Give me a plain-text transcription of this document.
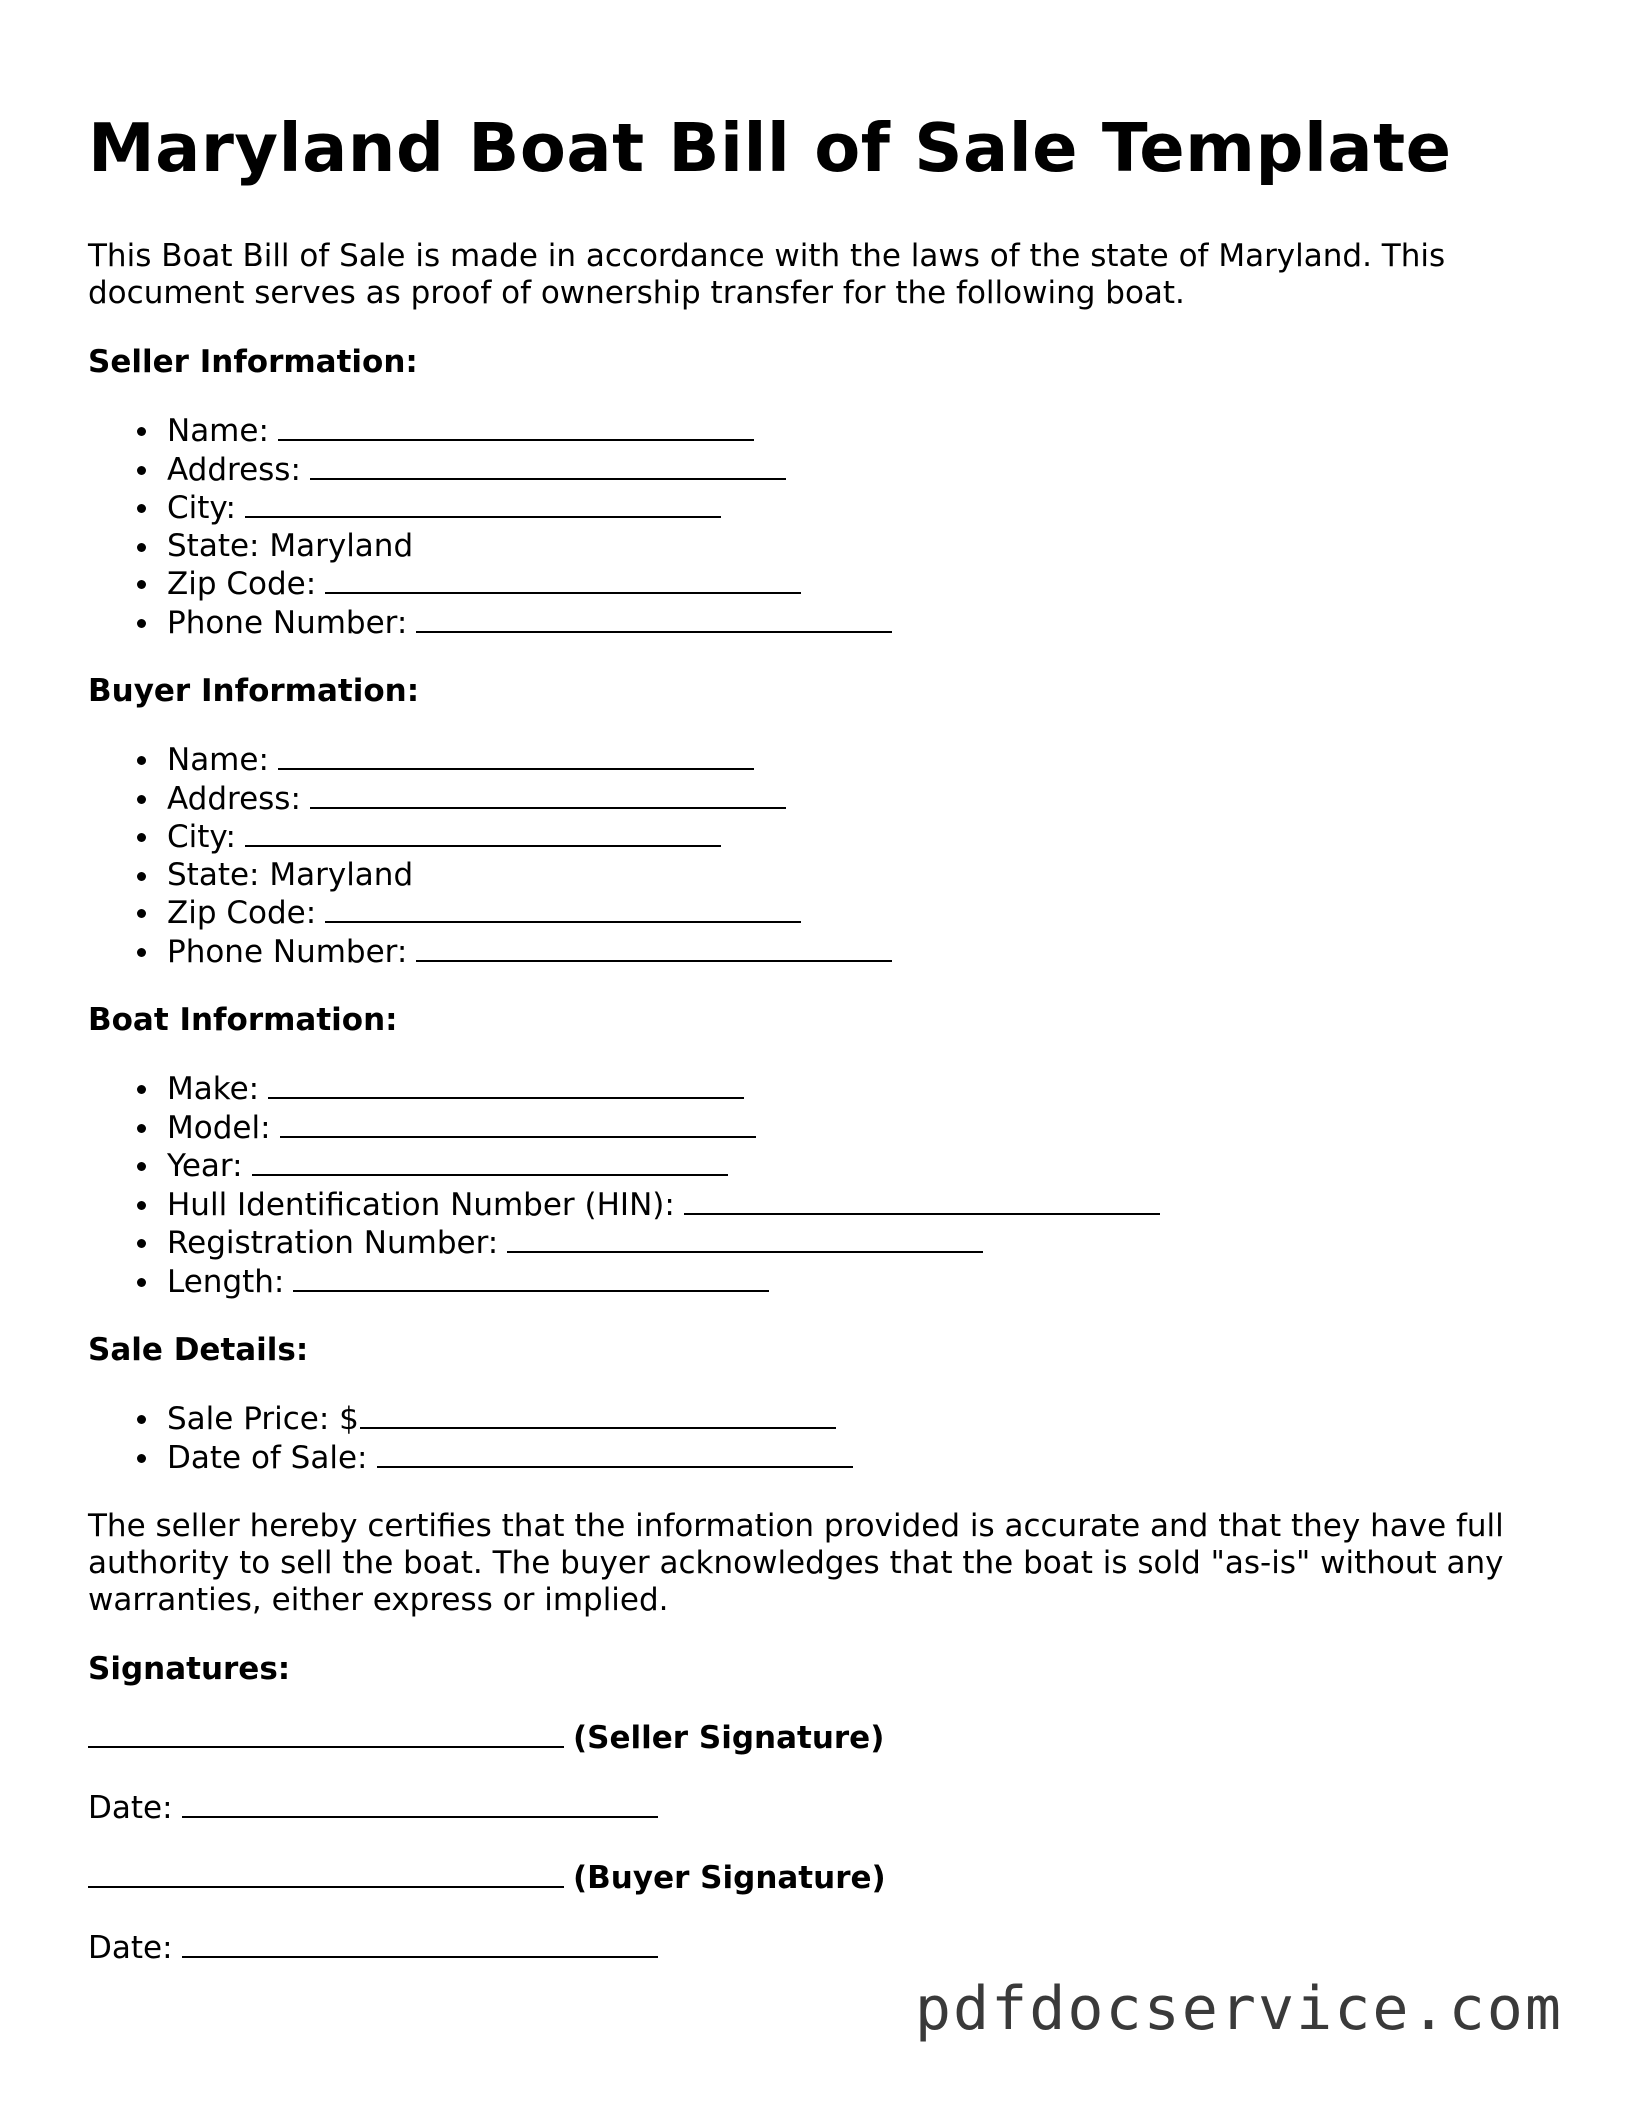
Maryland Boat Bill of Sale Template

This Boat Bill of Sale is made in accordance with the laws of the state of Maryland. This document serves as proof of ownership transfer for the following boat.

Seller Information:
Name:
Address:
City:
State: Maryland
Zip Code:
Phone Number:
Buyer Information:
Name:
Address:
City:
State: Maryland
Zip Code:
Phone Number:
Boat Information:
Make:
Model:
Year:
Hull Identification Number (HIN):
Registration Number:
Length:
Sale Details:
Sale Price: $
Date of Sale:

The seller hereby certifies that the information provided is accurate and that they have full authority to sell the boat. The buyer acknowledges that the boat is sold "as-is" without any warranties, either express or implied.

Signatures:
(Seller Signature)
Date:
(Buyer Signature)
Date:
pdfdocservice.com
